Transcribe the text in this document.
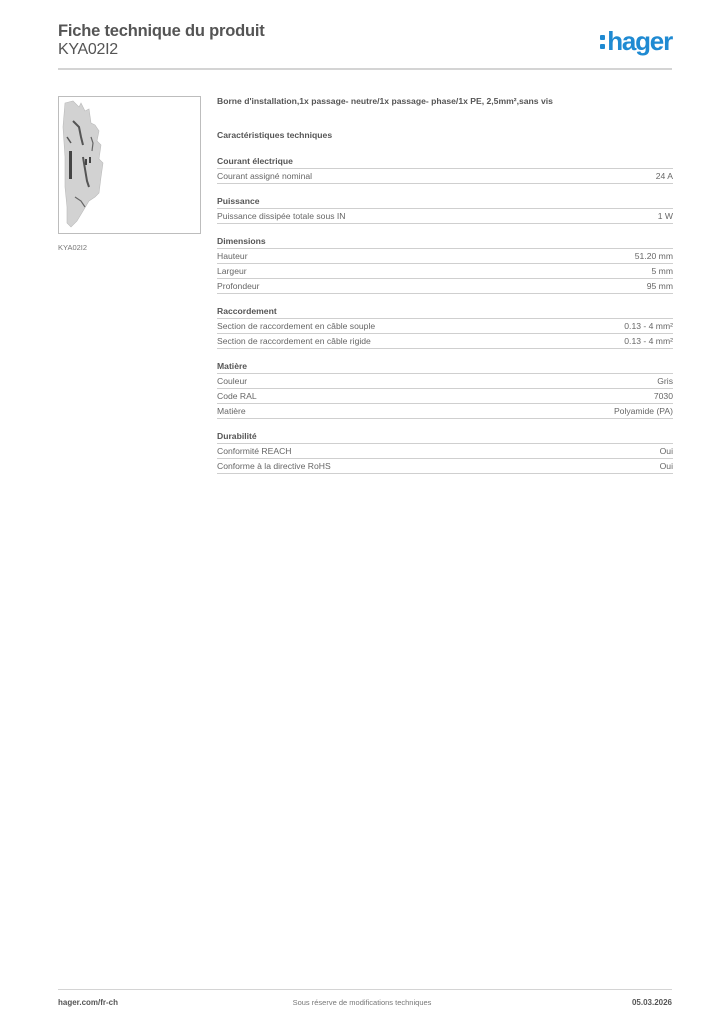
Fiche technique du produit
KYA02I2	hager
KYA02I2
Borne d'installation,1x passage- neutre/1x passage- phase/1x PE, 2,5mm²,sans vis
Caractéristiques techniques
Courant électrique
Courant assigné nominal	24 A
Puissance
Puissance dissipée totale sous IN	1 W
Dimensions
Hauteur	51.20 mm
Largeur	5 mm
Profondeur	95 mm
Raccordement
Section de raccordement en câble souple	0.13 - 4 mm²
Section de raccordement en câble rigide	0.13 - 4 mm²
Matière
Couleur	Gris
Code RAL	7030
Matière	Polyamide (PA)
Durabilité
Conformité REACH	Oui
Conforme à la directive RoHS	Oui
hager.com/fr-ch	Sous réserve de modifications techniques	05.03.2026
